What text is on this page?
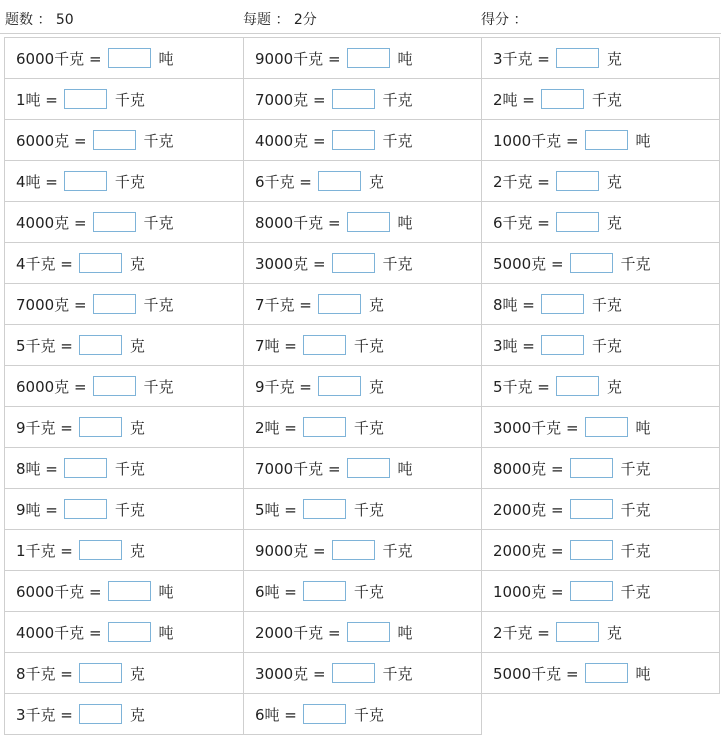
题数 ： 50	每题 ： 2分	得分 ：
6000千克 =	吨	9000千克 =	吨	3千克 =	克
1吨 =	千克	7000克 =	千克	2吨 =	千克
6000克 =	千克	4000克 =	千克	1000千克 =	吨
4吨 =	千克	6千克 =	克	2千克 =	克
4000克 =	千克	8000千克 =	吨	6千克 =	克
4千克 =	克	3000克 =	千克	5000克 =	千克
7000克 =	千克	7千克 =	克	8吨 =	千克
5千克 =	克	7吨 =	千克	3吨 =	千克
6000克 =	千克	9千克 =	克	5千克 =	克
9千克 =	克	2吨 =	千克	3000千克 =	吨
8吨 =	千克	7000千克 =	吨	8000克 =	千克
9吨 =	千克	5吨 =	千克	2000克 =	千克
1千克 =	克	9000克 =	千克	2000克 =	千克
6000千克 =	吨	6吨 =	千克	1000克 =	千克
4000千克 =	吨	2000千克 =	吨	2千克 =	克
8千克 =	克	3000克 =	千克	5000千克 =	吨
3千克 =	克	6吨 =	千克
